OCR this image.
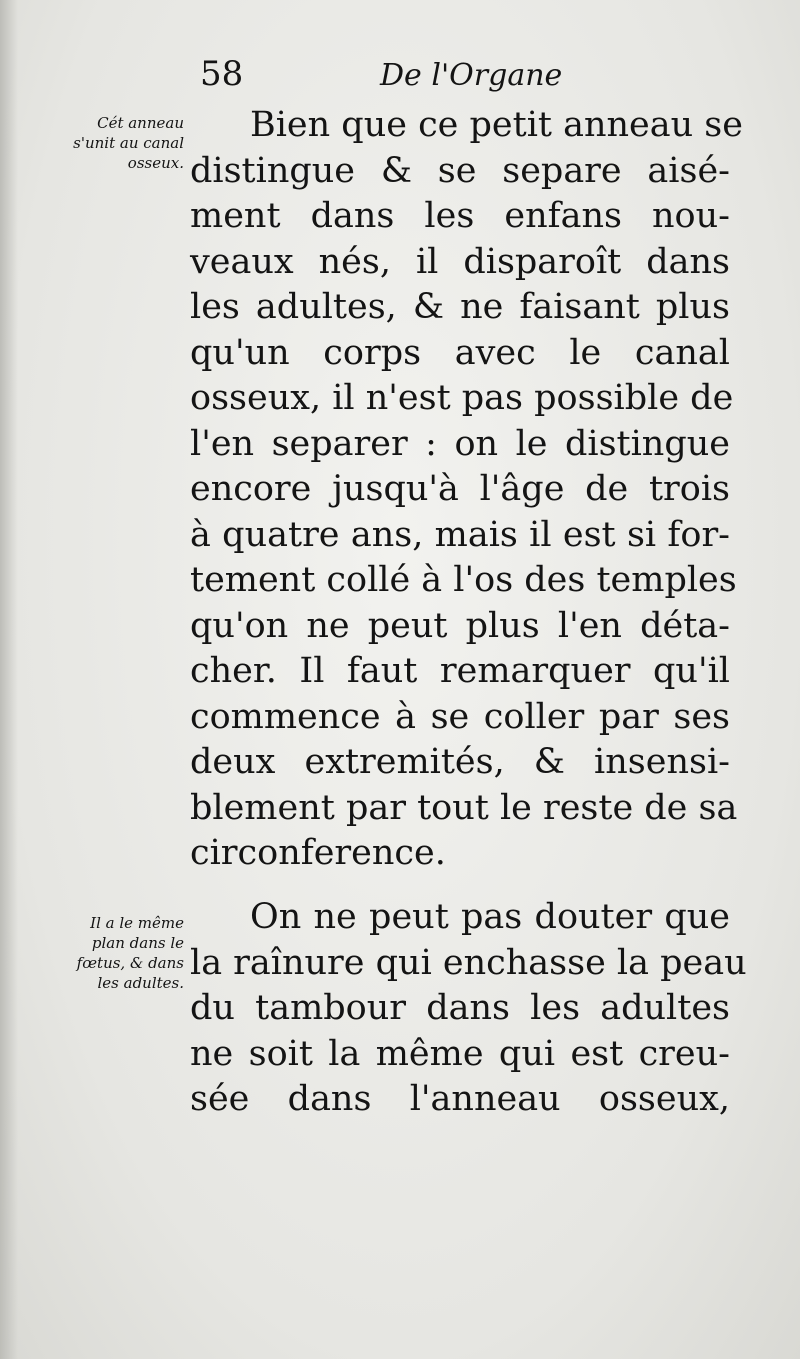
58	De l'Organe
Cét anneau
s'unit au canal
osseux.
Il a le même
plan dans le
fœtus, & dans
les adultes.
Bien que ce petit anneau se
distingue & se separe aisé-
ment dans les enfans nou-
veaux nés, il disparoît dans
les adultes, & ne faisant plus
qu'un corps avec le canal
osseux, il n'est pas possible de
l'en separer : on le distingue
encore jusqu'à l'âge de trois
à quatre ans, mais il est si for-
tement collé à l'os des temples
qu'on ne peut plus l'en déta-
cher. Il faut remarquer qu'il
commence à se coller par ses
deux extremités, & insensi-
blement par tout le reste de sa
circonference.
On ne peut pas douter que
la raînure qui enchasse la peau
du tambour dans les adultes
ne soit la même qui est creu-
sée dans l'anneau osseux,
